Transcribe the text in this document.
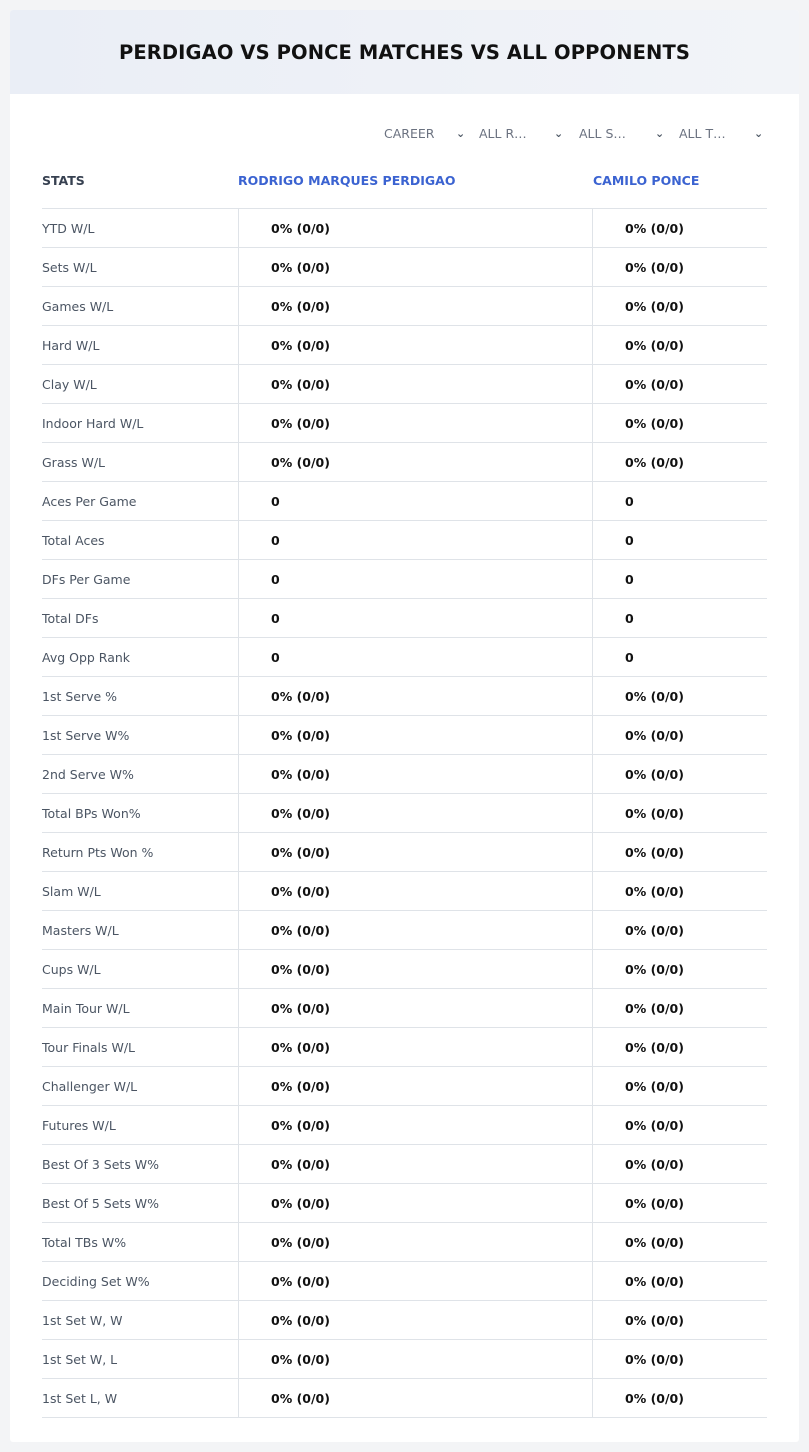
PERDIGAO VS PONCE MATCHES VS ALL OPPONENTS
CAREER ⌄ ALL R… ⌄ ALL S…	⌄ ALL T…	⌄
STATS	RODRIGO MARQUES PERDIGAO	CAMILO PONCE
YTD W/L	0% (0/0)	0% (0/0)
Sets W/L	0% (0/0)	0% (0/0)
Games W/L	0% (0/0)	0% (0/0)
Hard W/L	0% (0/0)	0% (0/0)
Clay W/L	0% (0/0)	0% (0/0)
Indoor Hard W/L	0% (0/0)	0% (0/0)
Grass W/L	0% (0/0)	0% (0/0)
Aces Per Game	0	0
Total Aces	0	0
DFs Per Game	0	0
Total DFs	0	0
Avg Opp Rank	0	0
1st Serve %	0% (0/0)	0% (0/0)
1st Serve W%	0% (0/0)	0% (0/0)
2nd Serve W%	0% (0/0)	0% (0/0)
Total BPs Won%	0% (0/0)	0% (0/0)
Return Pts Won %	0% (0/0)	0% (0/0)
Slam W/L	0% (0/0)	0% (0/0)
Masters W/L	0% (0/0)	0% (0/0)
Cups W/L	0% (0/0)	0% (0/0)
Main Tour W/L	0% (0/0)	0% (0/0)
Tour Finals W/L	0% (0/0)	0% (0/0)
Challenger W/L	0% (0/0)	0% (0/0)
Futures W/L	0% (0/0)	0% (0/0)
Best Of 3 Sets W%	0% (0/0)	0% (0/0)
Best Of 5 Sets W%	0% (0/0)	0% (0/0)
Total TBs W%	0% (0/0)	0% (0/0)
Deciding Set W%	0% (0/0)	0% (0/0)
1st Set W, W	0% (0/0)	0% (0/0)
1st Set W, L	0% (0/0)	0% (0/0)
1st Set L, W	0% (0/0)	0% (0/0)
